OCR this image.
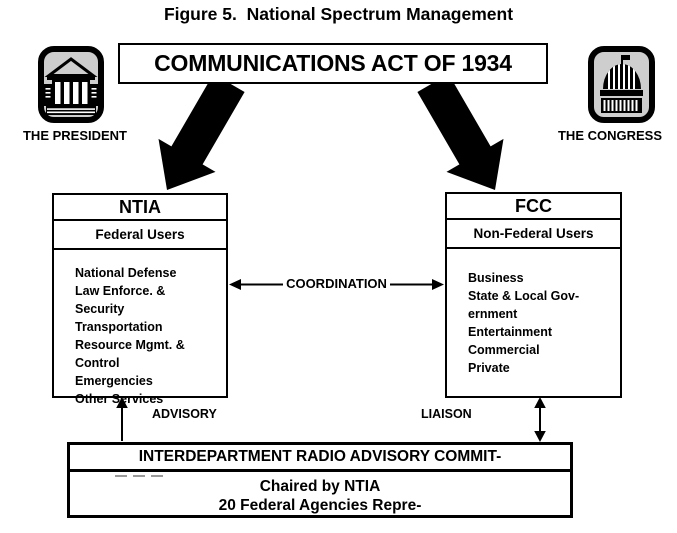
Figure 5.  National Spectrum Management
COMMUNICATIONS ACT OF 1934
THE PRESIDENT	THE CONGRESS
NTIA
Federal Users
National Defense
Law Enforce. &
Security
Transportation
Resource Mgmt. &
Control
Emergencies
Other Services
FCC
Non-Federal Users
Business
State & Local Gov-
ernment
Entertainment
Commercial
Private
COORDINATION
ADVISORY	LIAISON
INTERDEPARTMENT RADIO ADVISORY COMMIT-
Chaired by NTIA
20 Federal Agencies Repre-
